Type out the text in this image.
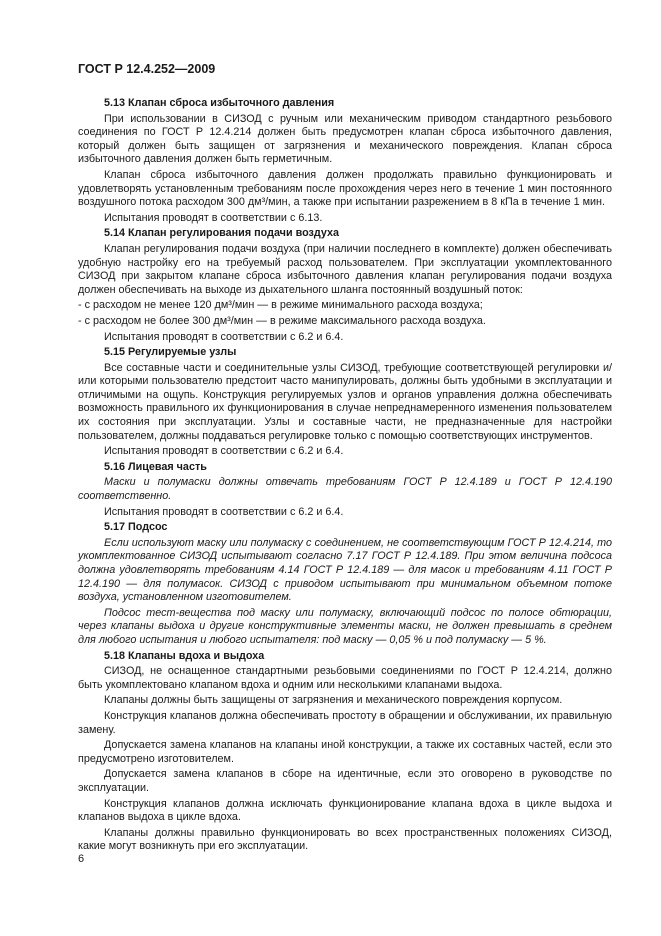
ГОСТ Р 12.4.252—2009
5.13 Клапан сброса избыточного давления
При использовании в СИЗОД с ручным или механическим приводом стандартного резьбового соединения по ГОСТ Р 12.4.214 должен быть предусмотрен клапан сброса избыточного давления, который должен быть защищен от загрязнения и механического повреждения. Клапан сброса избыточного давления должен быть герметичным.
Клапан сброса избыточного давления должен продолжать правильно функционировать и удовлетворять установленным требованиям после прохождения через него в течение 1 мин постоянного воздушного потока расходом 300 дм³/мин, а также при испытании разрежением в 8 кПа в течение 1 мин.
Испытания проводят в соответствии с 6.13.
5.14 Клапан регулирования подачи воздуха
Клапан регулирования подачи воздуха (при наличии последнего в комплекте) должен обеспечивать удобную настройку его на требуемый расход пользователем. При эксплуатации укомплектованного СИЗОД при закрытом клапане сброса избыточного давления клапан регулирования подачи воздуха должен обеспечивать на выходе из дыхательного шланга постоянный воздушный поток:
- с расходом не менее 120 дм³/мин — в режиме минимального расхода воздуха;
- с расходом не более 300 дм³/мин — в режиме максимального расхода воздуха.
Испытания проводят в соответствии с 6.2 и 6.4.
5.15 Регулируемые узлы
Все составные части и соединительные узлы СИЗОД, требующие соответствующей регулировки и/или которыми пользователю предстоит часто манипулировать, должны быть удобными в эксплуатации и отличимыми на ощупь. Конструкция регулируемых узлов и органов управления должна обеспечивать возможность правильного их функционирования в случае непреднамеренного изменения пользователем их состояния при эксплуатации. Узлы и составные части, не предназначенные для настройки пользователем, должны поддаваться регулировке только с помощью соответствующих инструментов.
Испытания проводят в соответствии с 6.2 и 6.4.
5.16 Лицевая часть
Маски и полумаски должны отвечать требованиям ГОСТ Р 12.4.189 и ГОСТ Р 12.4.190 соответственно.
Испытания проводят в соответствии с 6.2 и 6.4.
5.17 Подсос
Если используют маску или полумаску с соединением, не соответствующим ГОСТ Р 12.4.214, то укомплектованное СИЗОД испытывают согласно 7.17 ГОСТ Р 12.4.189. При этом величина подсоса должна удовлетворять требованиям 4.14 ГОСТ Р 12.4.189 — для масок и требованиям 4.11 ГОСТ Р 12.4.190 — для полумасок. СИЗОД с приводом испытывают при минимальном объемном потоке воздуха, установленном изготовителем.
Подсос тест-вещества под маску или полумаску, включающий подсос по полосе обтюрации, через клапаны выдоха и другие конструктивные элементы маски, не должен превышать в среднем для любого испытания и любого испытателя: под маску — 0,05 % и под полумаску — 5 %.
5.18 Клапаны вдоха и выдоха
СИЗОД, не оснащенное стандартными резьбовыми соединениями по ГОСТ Р 12.4.214, должно быть укомплектовано клапаном вдоха и одним или несколькими клапанами выдоха.
Клапаны должны быть защищены от загрязнения и механического повреждения корпусом.
Конструкция клапанов должна обеспечивать простоту в обращении и обслуживании, их правильную замену.
Допускается замена клапанов на клапаны иной конструкции, а также их составных частей, если это предусмотрено изготовителем.
Допускается замена клапанов в сборе на идентичные, если это оговорено в руководстве по эксплуатации.
Конструкция клапанов должна исключать функционирование клапана вдоха в цикле выдоха и клапанов выдоха в цикле вдоха.
Клапаны должны правильно функционировать во всех пространственных положениях СИЗОД, какие могут возникнуть при его эксплуатации.
6
